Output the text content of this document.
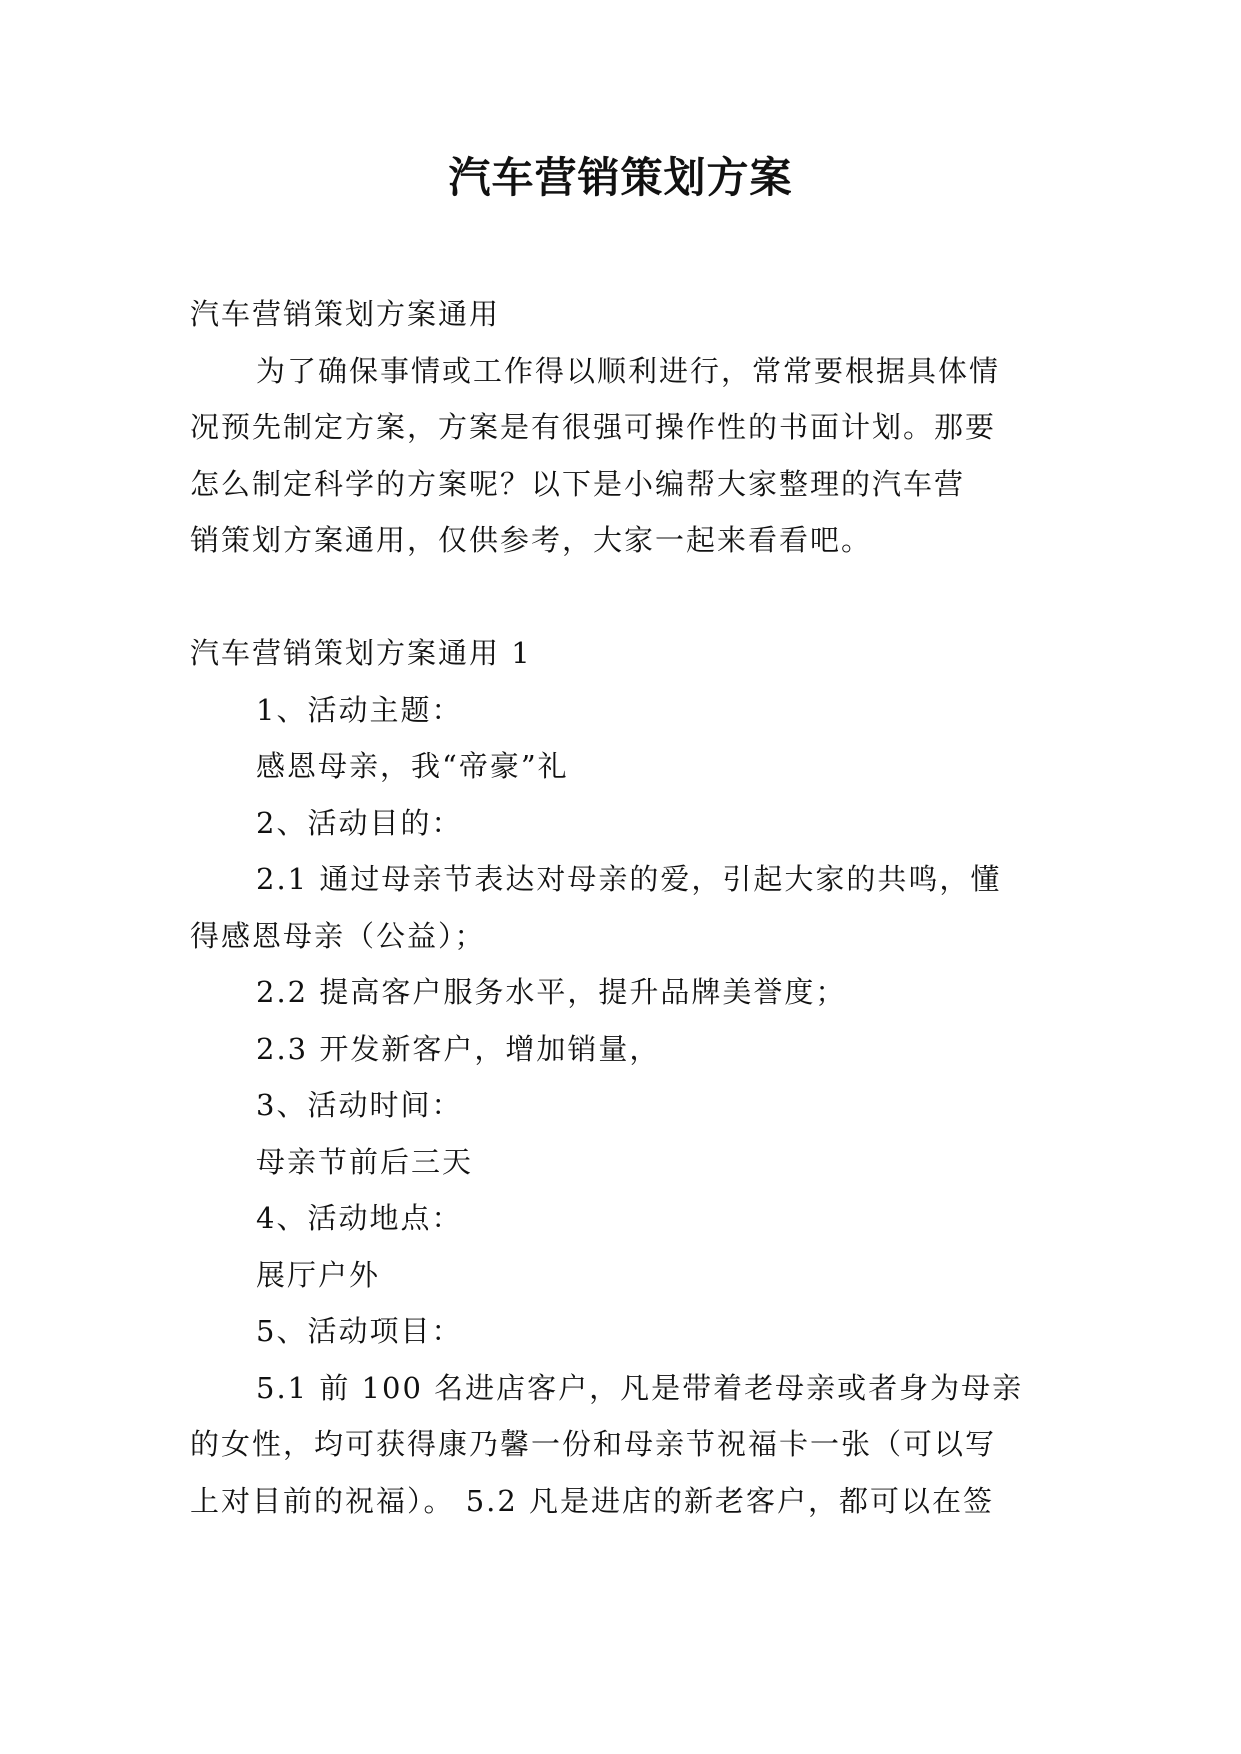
汽车营销策划方案
汽车营销策划方案通用
为了确保事情或工作得以顺利进行，常常要根据具体情
况预先制定方案，方案是有很强可操作性的书面计划。那要
怎么制定科学的方案呢？以下是小编帮大家整理的汽车营
销策划方案通用，仅供参考，大家一起来看看吧。
汽车营销策划方案通用 1
1、活动主题：
感恩母亲，我“帝豪”礼
2、活动目的：
2.1 通过母亲节表达对母亲的爱，引起大家的共鸣，懂
得感恩母亲（公益）；
2.2 提高客户服务水平，提升品牌美誉度；
2.3 开发新客户，增加销量，
3、活动时间：
母亲节前后三天
4、活动地点：
展厅户外
5、活动项目：
5.1 前 100 名进店客户，凡是带着老母亲或者身为母亲
的女性，均可获得康乃馨一份和母亲节祝福卡一张（可以写
上对目前的祝福）。 5.2 凡是进店的新老客户，都可以在签
